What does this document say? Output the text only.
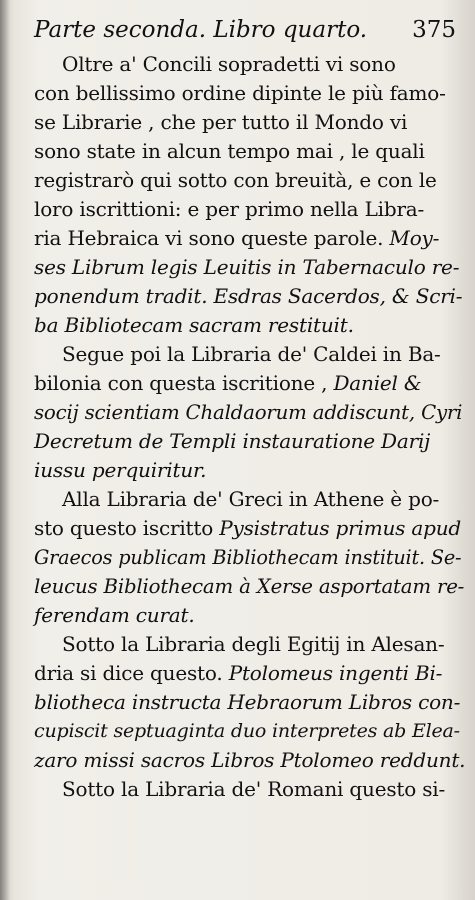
Parte seconda. Libro quarto. 375
Oltre a' Concili sopradetti vi sono
con bellissimo ordine dipinte le più famo-
se Librarie , che per tutto il Mondo vi
sono state in alcun tempo mai , le quali
registrarò qui sotto con breuità, e con le
loro iscrittioni: e per primo nella Libra-
ria Hebraica vi sono queste parole. Moy-
ses Librum legis Leuitis in Tabernaculo re-
ponendum tradit. Esdras Sacerdos, & Scri-
ba Bibliotecam sacram restituit.
Segue poi la Libraria de' Caldei in Ba-
bilonia con questa iscritione , Daniel &
socij scientiam Chaldaorum addiscunt, Cyri
Decretum de Templi instauratione Darij
iussu perquiritur.
Alla Libraria de' Greci in Athene è po-
sto questo iscritto Pysistratus primus apud
Graecos publicam Bibliothecam instituit. Se-
leucus Bibliothecam à Xerse asportatam re-
ferendam curat.
Sotto la Libraria degli Egitij in Alesan-
dria si dice questo. Ptolomeus ingenti Bi-
bliotheca instructa Hebraorum Libros con-
cupiscit septuaginta duo interpretes ab Elea-
zaro missi sacros Libros Ptolomeo reddunt.
Sotto la Libraria de' Romani questo si-
